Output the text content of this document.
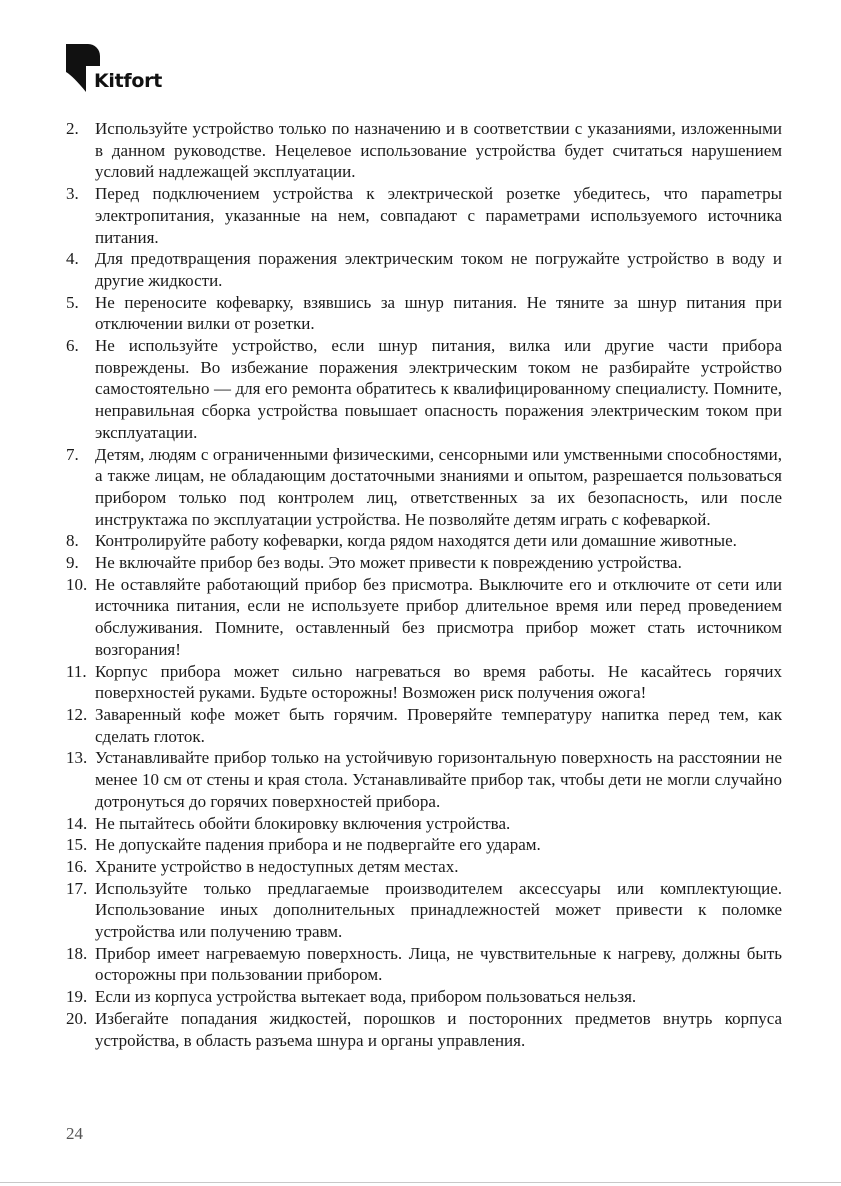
Kitfort
2. Используйте устройство только по назначению и в соответствии с указаниями, изложенными в данном руководстве. Нецелевое использование устройства будет считаться нарушением условий надлежащей эксплуатации.
3. Перед подключением устройства к электрической розетке убедитесь, что параmетры электропитания, указанные на нем, совпадают с параметрами используемого источника питания.
4. Для предотвращения поражения электрическим током не погружайте устройство в воду и другие жидкости.
5. Не переносите кофеварку, взявшись за шнур питания. Не тяните за шнур питания при отключении вилки от розетки.
6. Не используйте устройство, если шнур питания, вилка или другие части прибора повреждены. Во избежание поражения электрическим током не разбирайте устройство самостоятельно — для его ремонта обратитесь к квалифицированному специалисту. Помните, неправильная сборка устройства повышает опасность поражения электрическим током при эксплуатации.
7. Детям, людям с ограниченными физическими, сенсорными или умственными способностями, а также лицам, не обладающим достаточными знаниями и опытом, разрешается пользоваться прибором только под контролем лиц, ответственных за их безопасность, или после инструктажа по эксплуатации устройства. Не позволяйте детям играть с кофеваркой.
8. Контролируйте работу кофеварки, когда рядом находятся дети или домашние животные.
9. Не включайте прибор без воды. Это может привести к повреждению устройства.
10. Не оставляйте работающий прибор без присмотра. Выключите его и отключите от сети или источника питания, если не используете прибор длительное время или перед проведением обслуживания. Помните, оставленный без присмотра прибор может стать источником возгорания!
11. Корпус прибора может сильно нагреваться во время работы. Не касайтесь горячих поверхностей руками. Будьте осторожны! Возможен риск получения ожога!
12. Заваренный кофе может быть горячим. Проверяйте температуру напитка перед тем, как сделать глоток.
13. Устанавливайте прибор только на устойчивую горизонтальную поверхность на расстоянии не менее 10 см от стены и края стола. Устанавливайте прибор так, чтобы дети не могли случайно дотронуться до горячих поверхностей прибора.
14. Не пытайтесь обойти блокировку включения устройства.
15. Не допускайте падения прибора и не подвергайте его ударам.
16. Храните устройство в недоступных детям местах.
17. Используйте только предлагаемые производителем аксессуары или комплектующие. Использование иных дополнительных принадлежностей может привести к поломке устройства или получению травм.
18. Прибор имеет нагреваемую поверхность. Лица, не чувствительные к нагреву, должны быть осторожны при пользовании прибором.
19. Если из корпуса устройства вытекает вода, прибором пользоваться нельзя.
20. Избегайте попадания жидкостей, порошков и посторонних предметов внутрь корпуса устройства, в область разъема шнура и органы управления.
24
